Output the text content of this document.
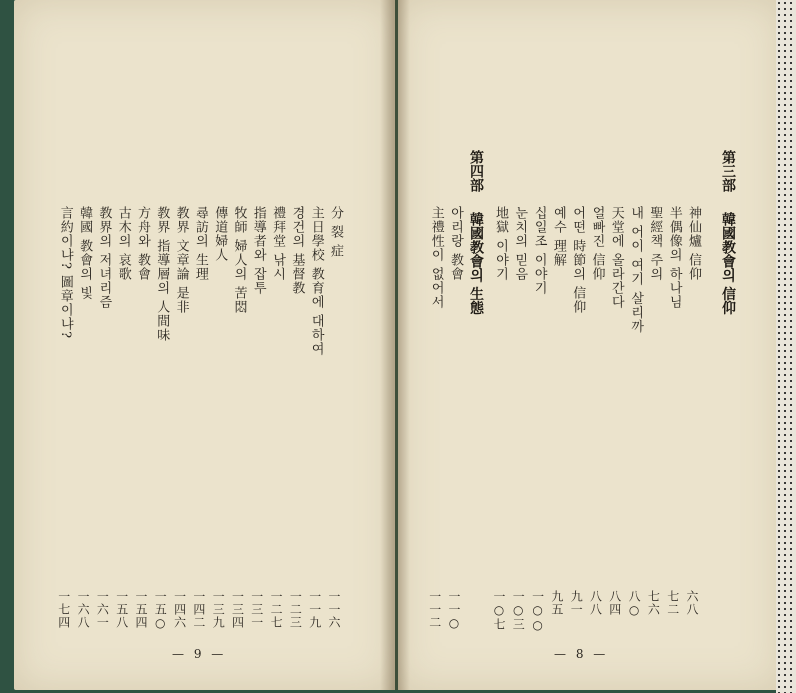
分 裂 症
一一六
主日學校 教育에 대하여
一一九
경건의 基督教
一二三
禮拜堂 낚시
一二七
指導者와 잡투
一三一
牧師 婦人의 苦悶
一三四
傳道婦人
一三九
尋訪의 生理
一四二
教界 文章論 是非
一四六
教界 指導層의 人間味
一五○
方舟와 教會
一五四
古木의 哀歌
一五八
教界의 저녀리즘
一六一
韓國 教會의 빛
一六八
言約이냐? 圖章이냐?
一七四
神仙爐 信仰
六八
半偶像의 하나님
七二
聖經책 주의
七六
내 어이 여기 살리까
八○
天堂에 올라간다
八四
얼빠진 信仰
八八
어떤 時節의 信仰
九一
예수 理解
九五
십일조 이야기
一○○
눈치의 믿음
一○三
地獄 이야기
一○七
아리랑 教會
一一○
主禮性이 없어서
一一二
第三部
韓國教會의 信仰
第四部
韓國教會의 生態
— 9 —	— 8 —
